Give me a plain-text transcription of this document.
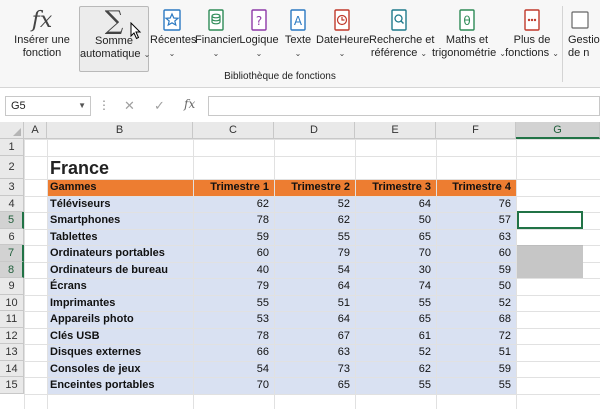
fx
Insérer une
fonction
∑
Somme
automatique ⌄
Récentes
⌄
Financier
⌄
?
Logique
⌄
A
Texte
⌄
DateHeure
⌄
Recherche et
référence ⌄
θ
Maths et
trigonométrie ⌄
Plus de
fonctions ⌄
Gestio
de n
Bibliothèque de fonctions
G5	▼ ⋮ ✕ ✓ fx
A	B	C	D	E	F	G
1
2
3
4
5
6
7
8
9
10
11
12
13
14
15
France
Gammes	Trimestre 1	Trimestre 2	Trimestre 3	Trimestre 4
Téléviseurs	62	52	64	76
Smartphones	78	62	50	57
Tablettes	59	55	65	63
Ordinateurs portables	60	79	70	60
Ordinateurs de bureau	40	54	30	59
Écrans	79	64	74	50
Imprimantes	55	51	55	52
Appareils photo	53	64	65	68
Clés USB	78	67	61	72
Disques externes	66	63	52	51
Consoles de jeux	54	73	62	59
Enceintes portables	70	65	55	55
